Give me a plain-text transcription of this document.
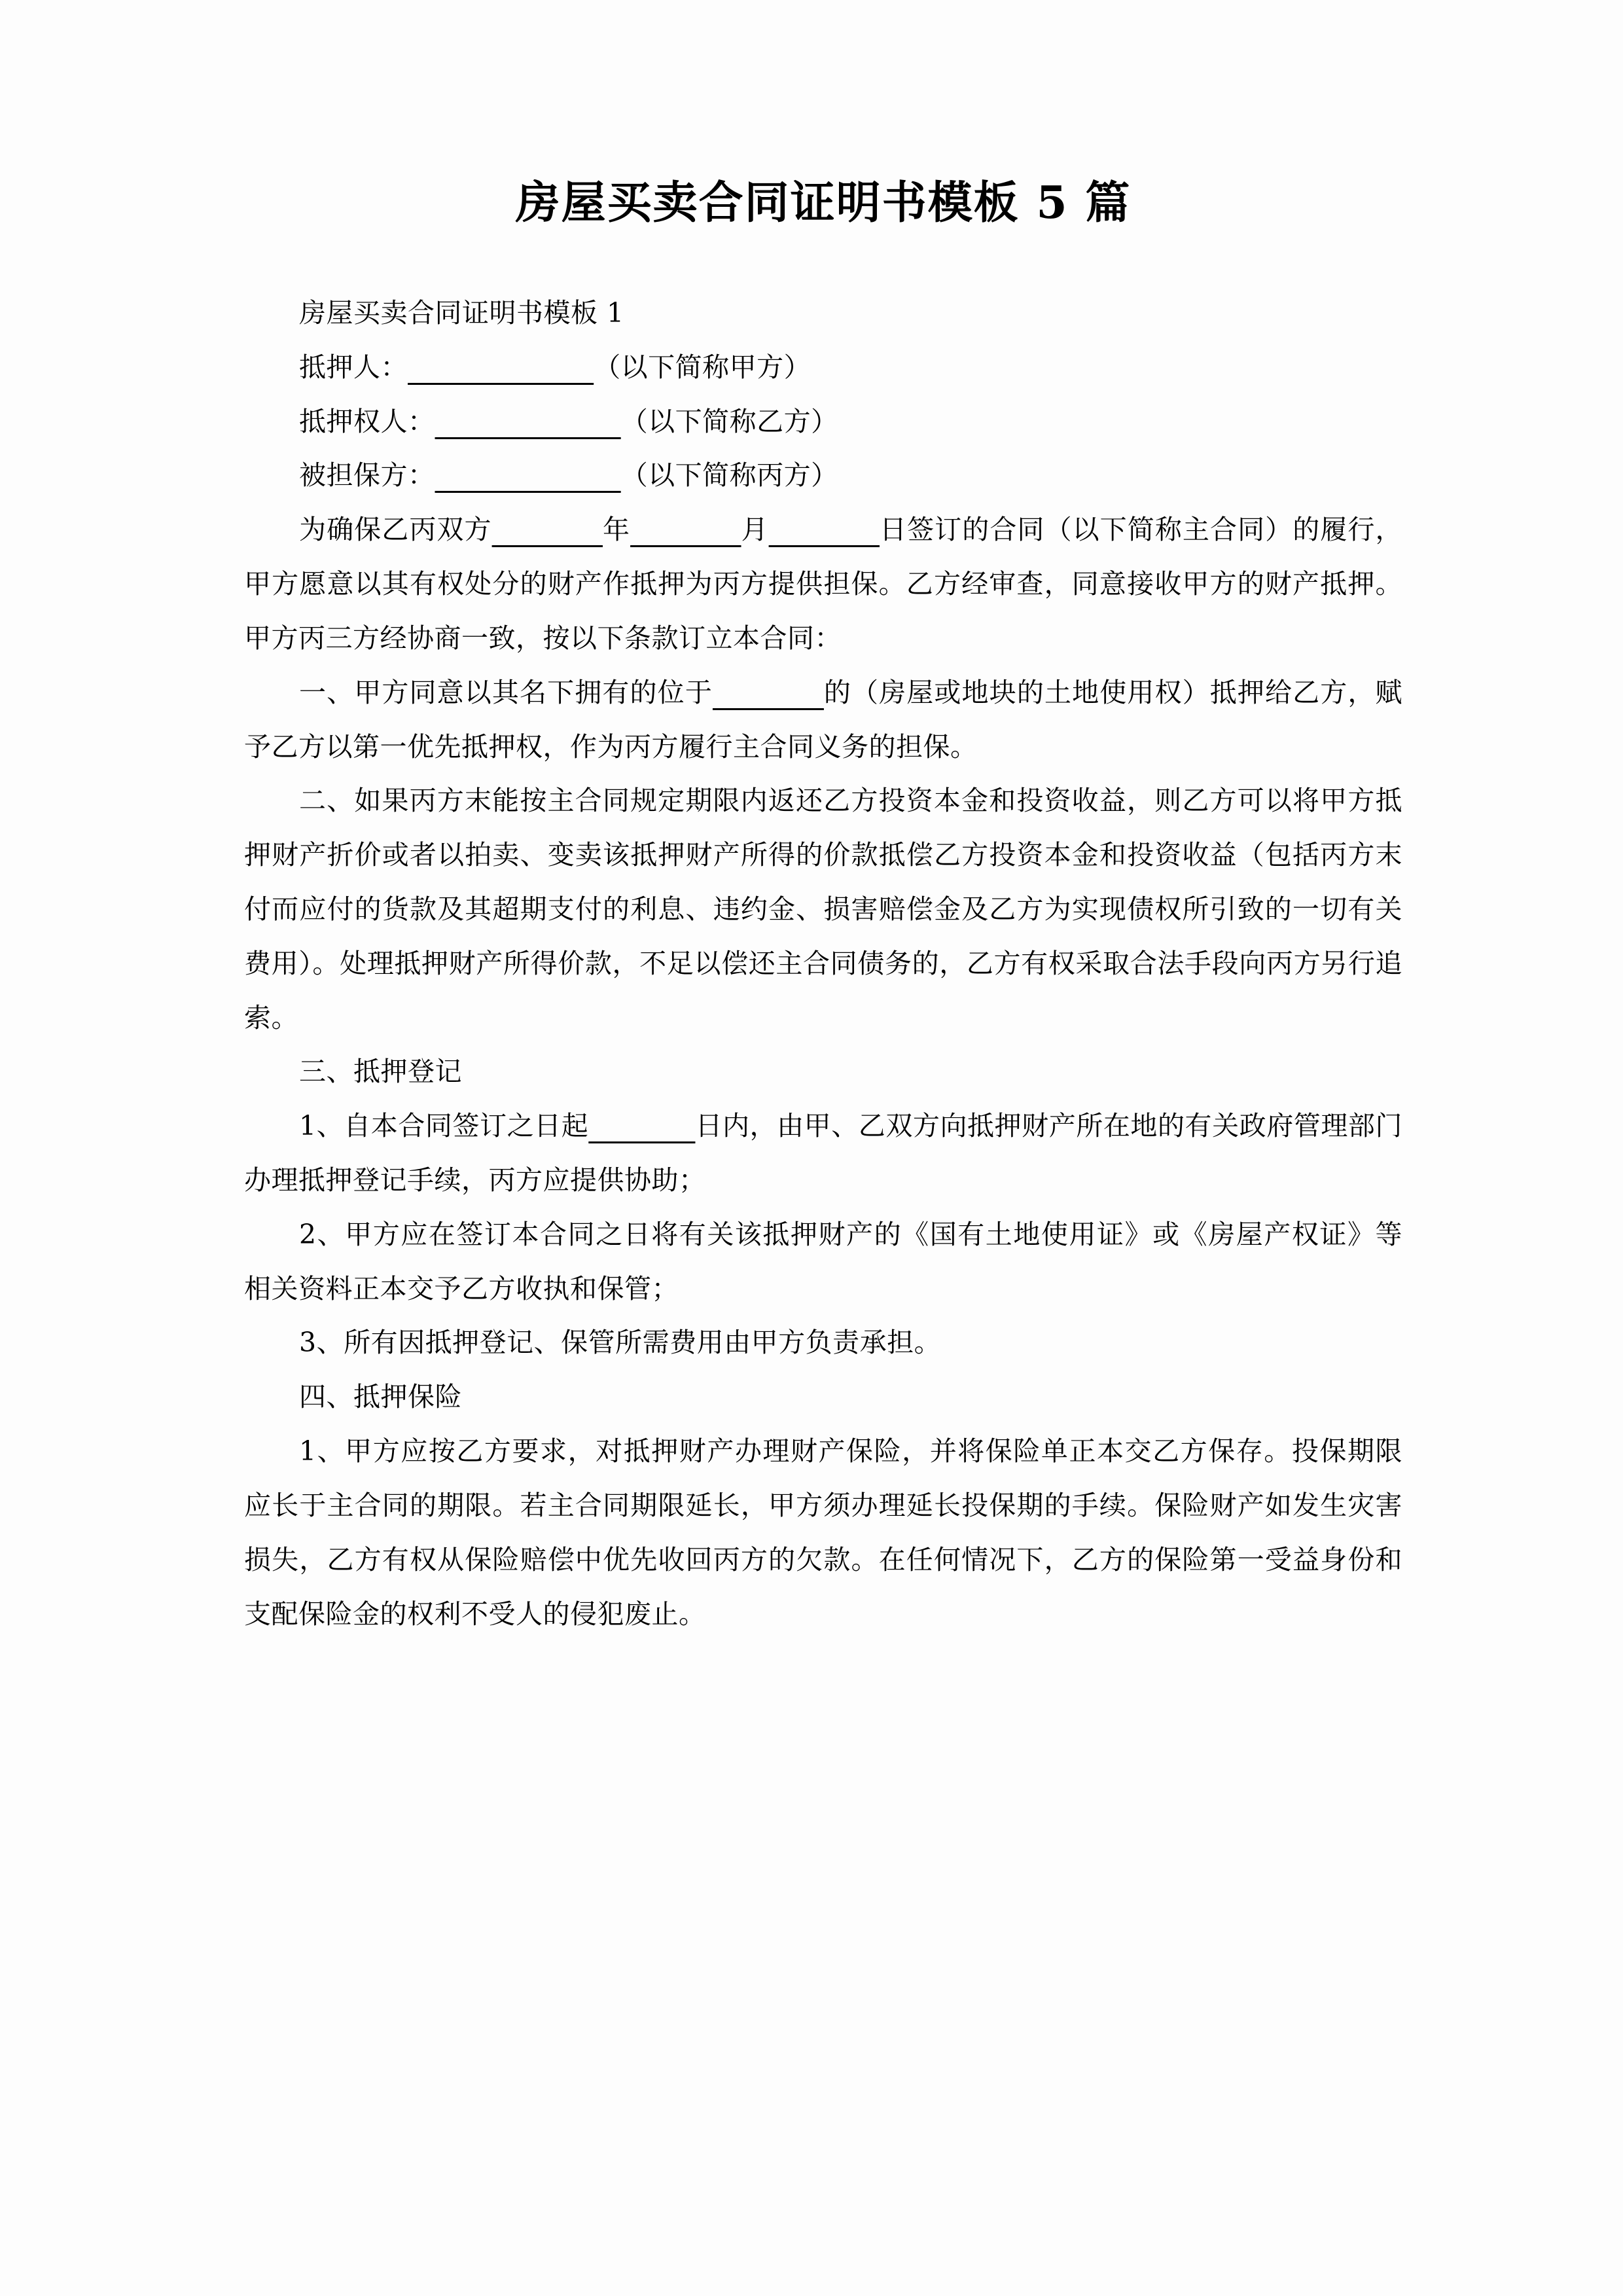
房屋买卖合同证明书模板 5 篇

房屋买卖合同证明书模板 1

抵押人：	（以下简称甲方）

抵押权人：	（以下简称乙方）

被担保方：	（以下简称丙方）

为确保乙丙双方	年	月	日签订的合同（以下简称主合同）的履行，甲方愿意以其有权处分的财产作抵押为丙方提供担保。乙方经审查，同意接收甲方的财产抵押。甲方丙三方经协商一致，按以下条款订立本合同：

一、甲方同意以其名下拥有的位于	的（房屋或地块的土地使用权）抵押给乙方，赋予乙方以第一优先抵押权，作为丙方履行主合同义务的担保。

二、如果丙方末能按主合同规定期限内返还乙方投资本金和投资收益，则乙方可以将甲方抵押财产折价或者以拍卖、变卖该抵押财产所得的价款抵偿乙方投资本金和投资收益（包括丙方末付而应付的货款及其超期支付的利息、违约金、损害赔偿金及乙方为实现债权所引致的一切有关费用）。处理抵押财产所得价款，不足以偿还主合同债务的，乙方有权采取合法手段向丙方另行追索。

三、抵押登记

1、自本合同签订之日起	日内，由甲、乙双方向抵押财产所在地的有关政府管理部门办理抵押登记手续，丙方应提供协助；

2、甲方应在签订本合同之日将有关该抵押财产的《国有土地使用证》或《房屋产权证》等相关资料正本交予乙方收执和保管；

3、所有因抵押登记、保管所需费用由甲方负责承担。

四、抵押保险

1、甲方应按乙方要求，对抵押财产办理财产保险，并将保险单正本交乙方保存。投保期限应长于主合同的期限。若主合同期限延长，甲方须办理延长投保期的手续。保险财产如发生灾害损失，乙方有权从保险赔偿中优先收回丙方的欠款。在任何情况下，乙方的保险第一受益身份和支配保险金的权利不受人的侵犯废止。
